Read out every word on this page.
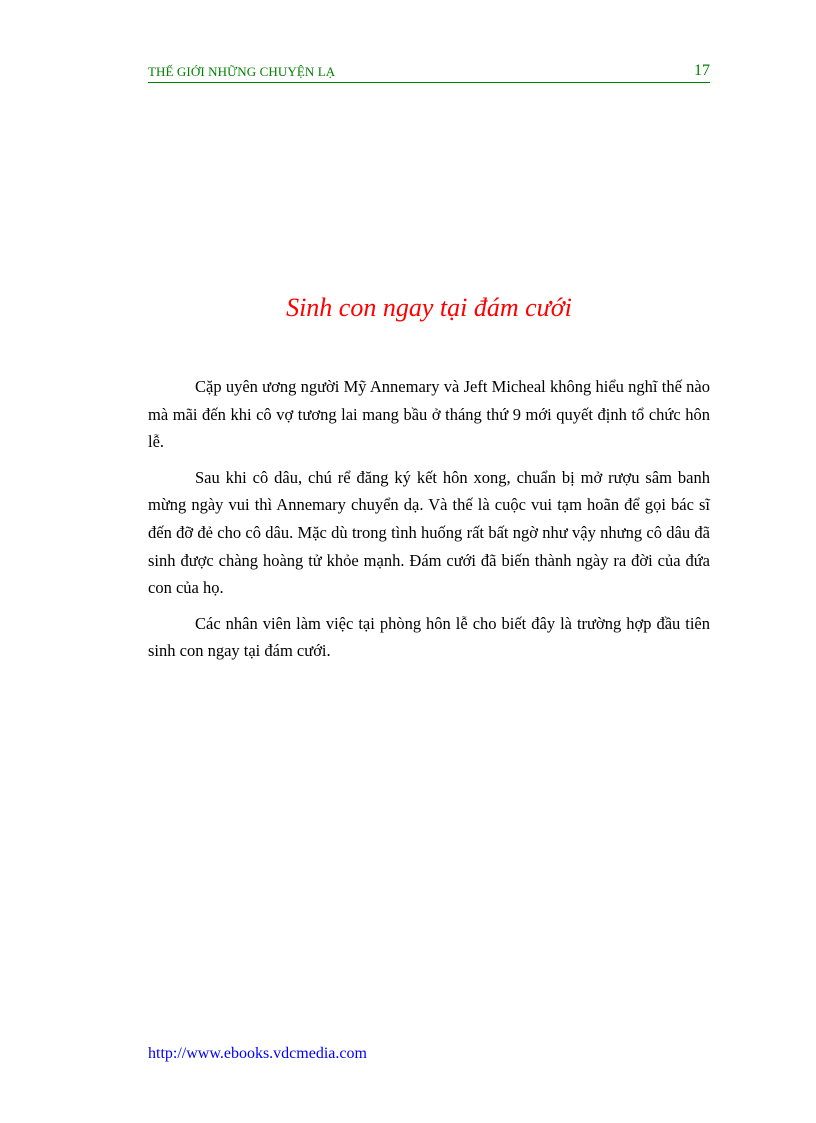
THẾ GIỚI NHỮNG CHUYỆN LẠ	17
Sinh con ngay tại đám cưới

Cặp uyên ương người Mỹ Annemary và Jeft Micheal không hiểu nghĩ thế nào mà mãi đến khi cô vợ tương lai mang bầu ở tháng thứ 9 mới quyết định tổ chức hôn lễ.

Sau khi cô dâu, chú rể đăng ký kết hôn xong, chuẩn bị mở rượu sâm banh mừng ngày vui thì Annemary chuyển dạ. Và thế là cuộc vui tạm hoãn để gọi bác sĩ đến đỡ đẻ cho cô dâu. Mặc dù trong tình huống rất bất ngờ như vậy nhưng cô dâu đã sinh được chàng hoàng tử khỏe mạnh. Đám cưới đã biến thành ngày ra đời của đứa con của họ.

Các nhân viên làm việc tại phòng hôn lễ cho biết đây là trường hợp đầu tiên sinh con ngay tại đám cưới.

http://www.ebooks.vdcmedia.com
